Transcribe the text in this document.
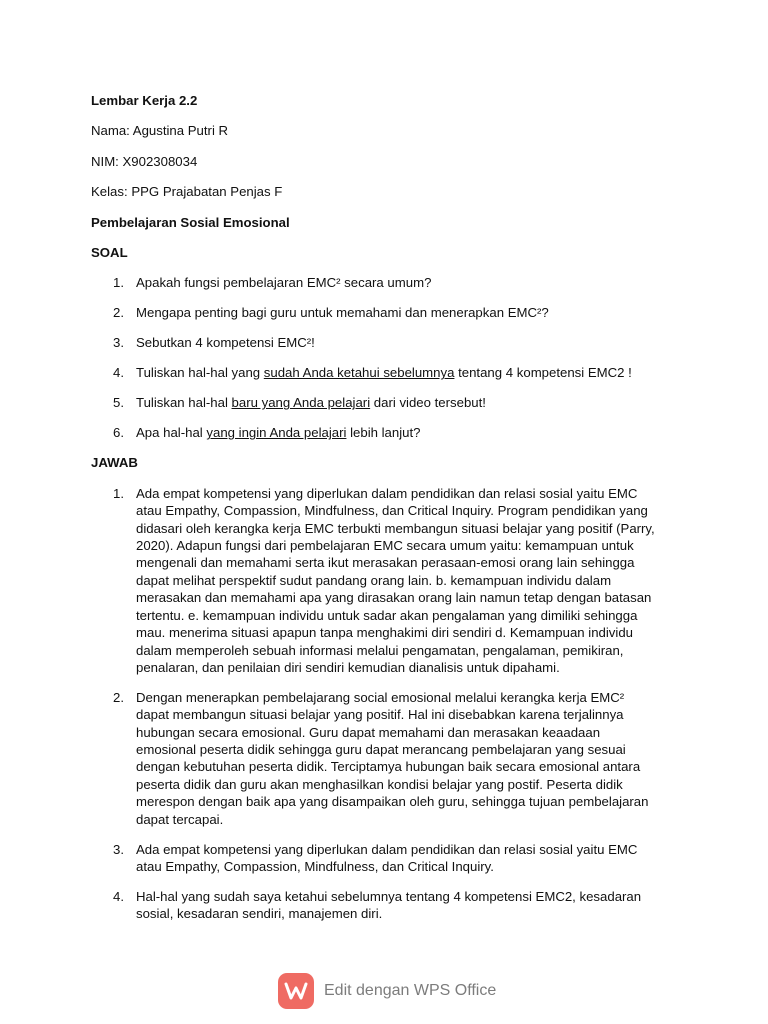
Lembar Kerja 2.2
Nama: Agustina Putri R
NIM: X902308034
Kelas: PPG Prajabatan Penjas F
Pembelajaran Sosial Emosional
SOAL
1. Apakah fungsi pembelajaran EMC² secara umum?
2. Mengapa penting bagi guru untuk memahami dan menerapkan EMC²?
3. Sebutkan 4 kompetensi EMC²!
4. Tuliskan hal-hal yang sudah Anda ketahui sebelumnya tentang 4 kompetensi EMC2 !
5. Tuliskan hal-hal baru yang Anda pelajari dari video tersebut!
6. Apa hal-hal yang ingin Anda pelajari lebih lanjut?
JAWAB
1. Ada empat kompetensi yang diperlukan dalam pendidikan dan relasi sosial yaitu EMC
atau Empathy, Compassion, Mindfulness, dan Critical Inquiry. Program pendidikan yang
didasari oleh kerangka kerja EMC terbukti membangun situasi belajar yang positif (Parry,
2020). Adapun fungsi dari pembelajaran EMC secara umum yaitu: kemampuan untuk
mengenali dan memahami serta ikut merasakan perasaan-emosi orang lain sehingga
dapat melihat perspektif sudut pandang orang lain. b. kemampuan individu dalam
merasakan dan memahami apa yang dirasakan orang lain namun tetap dengan batasan
tertentu. e. kemampuan individu untuk sadar akan pengalaman yang dimiliki sehingga
mau. menerima situasi apapun tanpa menghakimi diri sendiri d. Kemampuan individu
dalam memperoleh sebuah informasi melalui pengamatan, pengalaman, pemikiran,
penalaran, dan penilaian diri sendiri kemudian dianalisis untuk dipahami.
2. Dengan menerapkan pembelajarang social emosional melalui kerangka kerja EMC²
dapat membangun situasi belajar yang positif. Hal ini disebabkan karena terjalinnya
hubungan secara emosional. Guru dapat memahami dan merasakan keaadaan
emosional peserta didik sehingga guru dapat merancang pembelajaran yang sesuai
dengan kebutuhan peserta didik. Terciptamya hubungan baik secara emosional antara
peserta didik dan guru akan menghasilkan kondisi belajar yang postif. Peserta didik
merespon dengan baik apa yang disampaikan oleh guru, sehingga tujuan pembelajaran
dapat tercapai.
3. Ada empat kompetensi yang diperlukan dalam pendidikan dan relasi sosial yaitu EMC
atau Empathy, Compassion, Mindfulness, dan Critical Inquiry.
4. Hal-hal yang sudah saya ketahui sebelumnya tentang 4 kompetensi EMC2, kesadaran
sosial, kesadaran sendiri, manajemen diri.
Edit dengan WPS Office
